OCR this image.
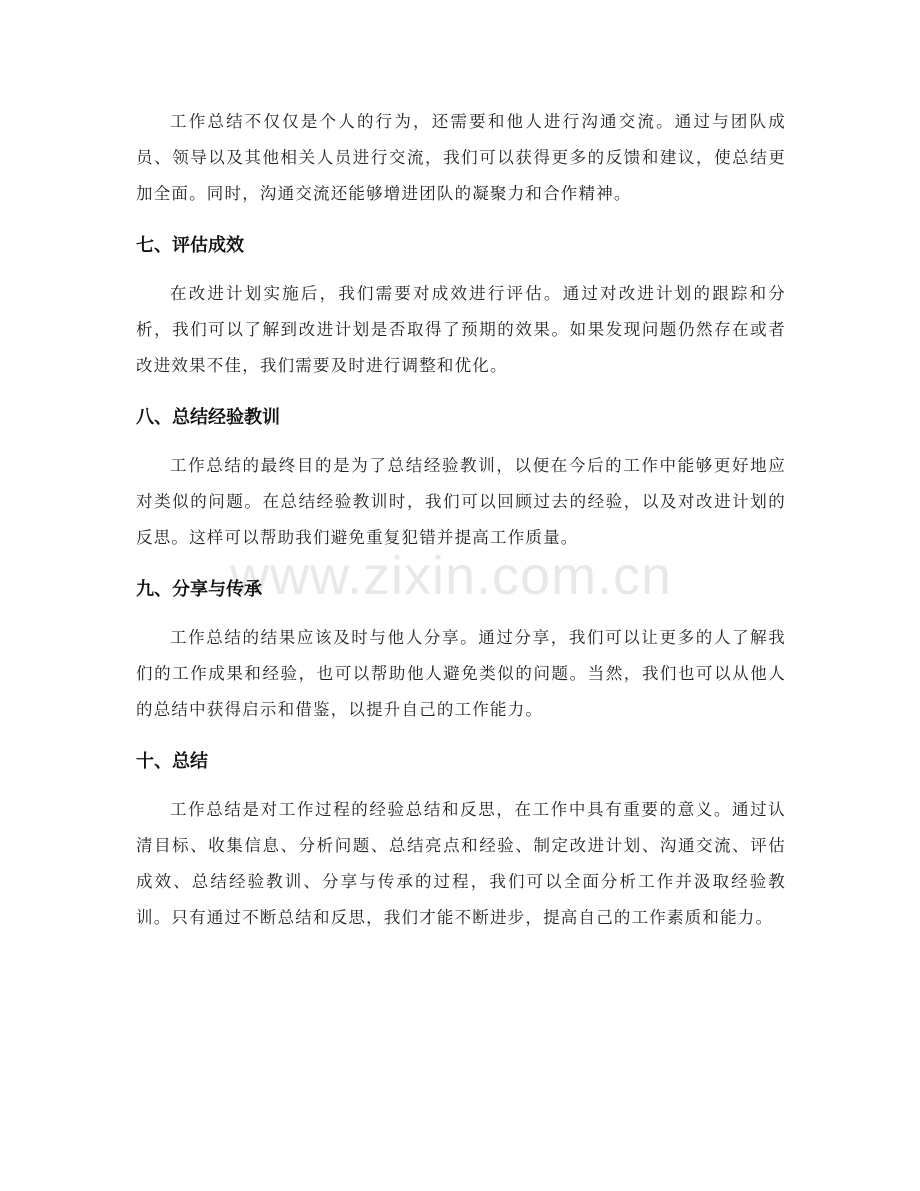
工作总结不仅仅是个人的行为，还需要和他人进行沟通交流。通过与团队成员、领导以及其他相关人员进行交流，我们可以获得更多的反馈和建议，使总结更加全面。同时，沟通交流还能够增进团队的凝聚力和合作精神。

七、评估成效

在改进计划实施后，我们需要对成效进行评估。通过对改进计划的跟踪和分析，我们可以了解到改进计划是否取得了预期的效果。如果发现问题仍然存在或者改进效果不佳，我们需要及时进行调整和优化。

八、总结经验教训

工作总结的最终目的是为了总结经验教训，以便在今后的工作中能够更好地应对类似的问题。在总结经验教训时，我们可以回顾过去的经验，以及对改进计划的反思。这样可以帮助我们避免重复犯错并提高工作质量。

九、分享与传承

工作总结的结果应该及时与他人分享。通过分享，我们可以让更多的人了解我们的工作成果和经验，也可以帮助他人避免类似的问题。当然，我们也可以从他人的总结中获得启示和借鉴，以提升自己的工作能力。

十、总结

工作总结是对工作过程的经验总结和反思，在工作中具有重要的意义。通过认清目标、收集信息、分析问题、总结亮点和经验、制定改进计划、沟通交流、评估成效、总结经验教训、分享与传承的过程，我们可以全面分析工作并汲取经验教训。只有通过不断总结和反思，我们才能不断进步，提高自己的工作素质和能力。

www.zixin.com.cn
